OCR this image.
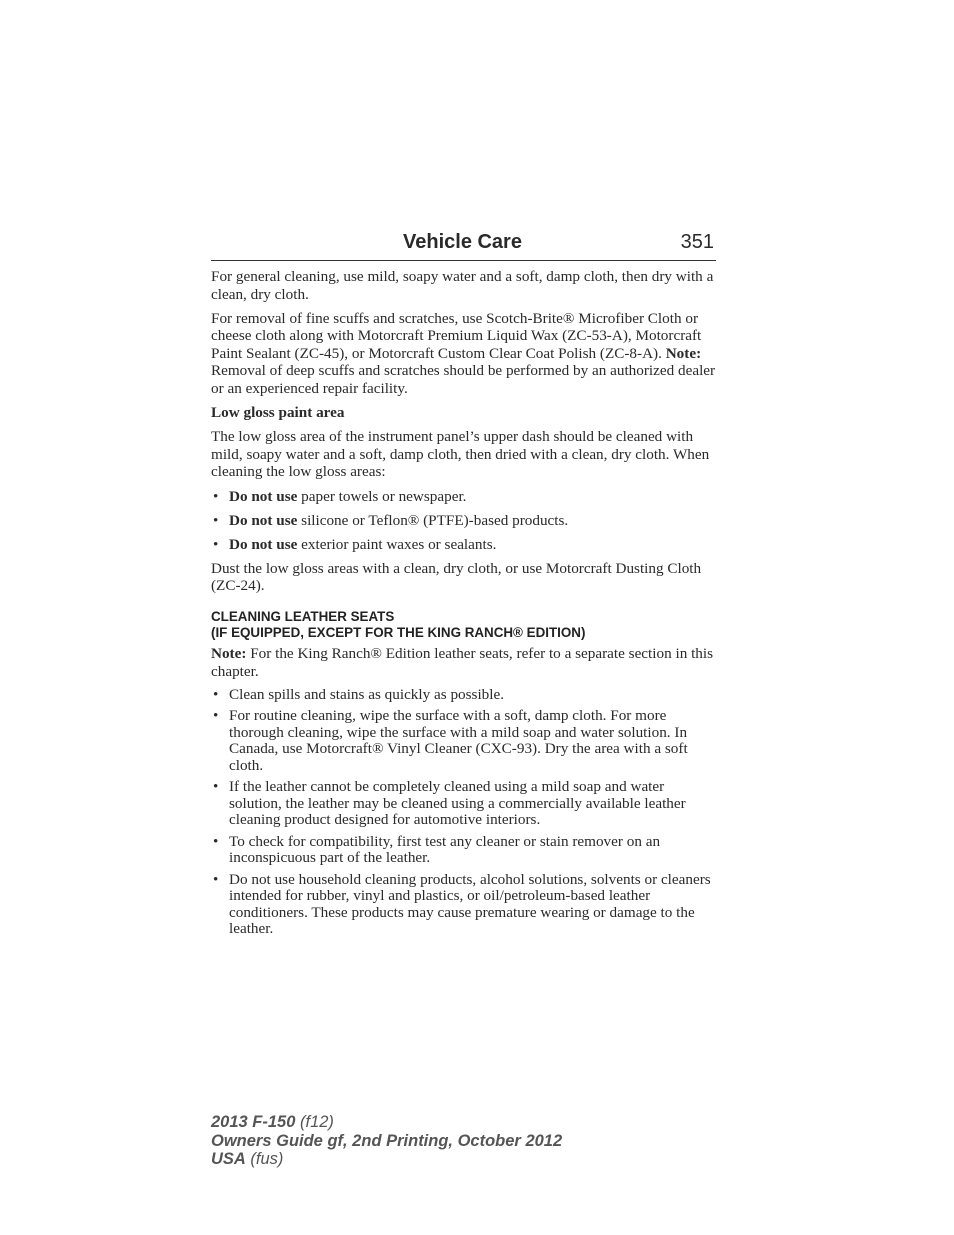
Vehicle Care	351

For general cleaning, use mild, soapy water and a soft, damp cloth, then dry with a clean, dry cloth.

For removal of fine scuffs and scratches, use Scotch-Brite® Microfiber Cloth or cheese cloth along with Motorcraft Premium Liquid Wax (ZC-53-A), Motorcraft Paint Sealant (ZC-45), or Motorcraft Custom Clear Coat Polish (ZC-8-A). Note: Removal of deep scuffs and scratches should be performed by an authorized dealer or an experienced repair facility.

Low gloss paint area

The low gloss area of the instrument panel’s upper dash should be cleaned with mild, soapy water and a soft, damp cloth, then dried with a clean, dry cloth. When cleaning the low gloss areas:

• Do not use paper towels or newspaper.
• Do not use silicone or Teflon® (PTFE)-based products.
• Do not use exterior paint waxes or sealants.

Dust the low gloss areas with a clean, dry cloth, or use Motorcraft Dusting Cloth (ZC-24).

CLEANING LEATHER SEATS
(IF EQUIPPED, EXCEPT FOR THE KING RANCH® EDITION)

Note: For the King Ranch® Edition leather seats, refer to a separate section in this chapter.

• Clean spills and stains as quickly as possible.
• For routine cleaning, wipe the surface with a soft, damp cloth. For more thorough cleaning, wipe the surface with a mild soap and water solution. In Canada, use Motorcraft® Vinyl Cleaner (CXC-93). Dry the area with a soft cloth.
• If the leather cannot be completely cleaned using a mild soap and water solution, the leather may be cleaned using a commercially available leather cleaning product designed for automotive interiors.
• To check for compatibility, first test any cleaner or stain remover on an inconspicuous part of the leather.
• Do not use household cleaning products, alcohol solutions, solvents or cleaners intended for rubber, vinyl and plastics, or oil/petroleum-based leather conditioners. These products may cause premature wearing or damage to the leather.
2013 F-150 (f12)
Owners Guide gf, 2nd Printing, October 2012
USA (fus)
